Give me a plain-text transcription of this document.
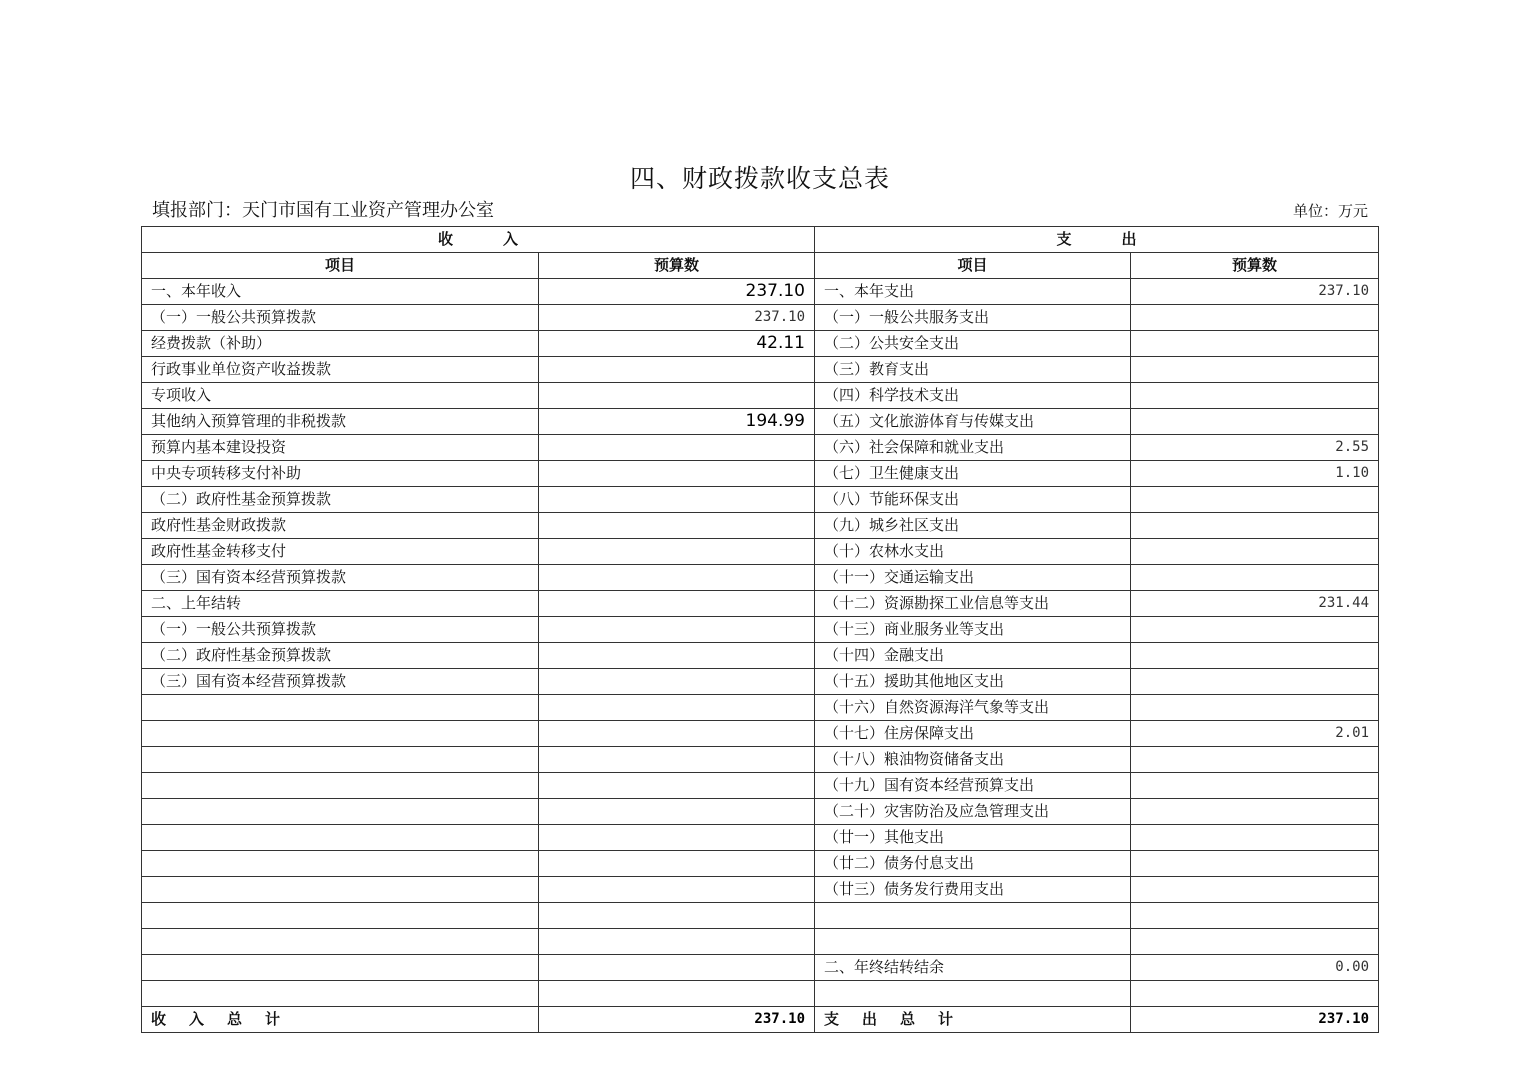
四、财政拨款收支总表
填报部门：天门市国有工业资产管理办公室	单位：万元
收 入		支 出	
项目	预算数	项目	预算数
一、本年收入	237.10	一、本年支出	237.10
（一）一般公共预算拨款	237.10	（一）一般公共服务支出	
经费拨款（补助）	42.11	（二）公共安全支出	
行政事业单位资产收益拨款		（三）教育支出	
专项收入		（四）科学技术支出	
其他纳入预算管理的非税拨款	194.99	（五）文化旅游体育与传媒支出	
预算内基本建设投资		（六）社会保障和就业支出	2.55
中央专项转移支付补助		（七）卫生健康支出	1.10
（二）政府性基金预算拨款		（八）节能环保支出	
政府性基金财政拨款		（九）城乡社区支出	
政府性基金转移支付		（十）农林水支出	
（三）国有资本经营预算拨款		（十一）交通运输支出	
二、上年结转		（十二）资源勘探工业信息等支出	231.44
（一）一般公共预算拨款		（十三）商业服务业等支出	
（二）政府性基金预算拨款		（十四）金融支出	
（三）国有资本经营预算拨款		（十五）援助其他地区支出	
		（十六）自然资源海洋气象等支出	
		（十七）住房保障支出	2.01
		（十八）粮油物资储备支出	
		（十九）国有资本经营预算支出	
		（二十）灾害防治及应急管理支出	
		（廿一）其他支出	
		（廿二）债务付息支出	
		（廿三）债务发行费用支出	

		二、年终结转结余	0.00

收 入 总 计	237.10	支 出 总 计	237.10
